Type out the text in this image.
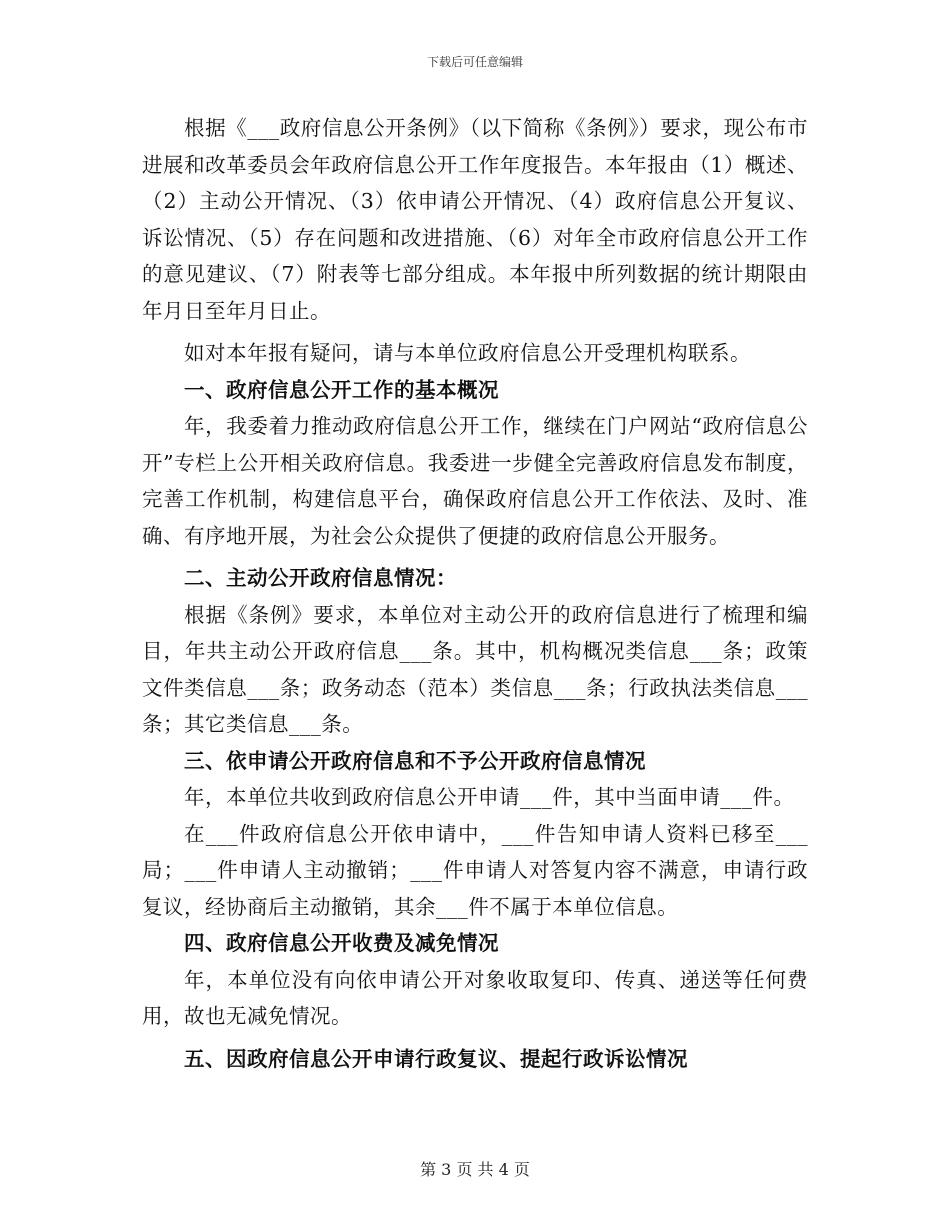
下载后可任意编辑

根据《___政府信息公开条例》（以下简称《条例》）要求，现公布市进展和改革委员会年政府信息公开工作年度报告。本年报由（1）概述、（2）主动公开情况、（3）依申请公开情况、（4）政府信息公开复议、诉讼情况、（5）存在问题和改进措施、（6）对年全市政府信息公开工作的意见建议、（7）附表等七部分组成。本年报中所列数据的统计期限由年月日至年月日止。

如对本年报有疑问，请与本单位政府信息公开受理机构联系。

一、政府信息公开工作的基本概况

年，我委着力推动政府信息公开工作，继续在门户网站“政府信息公开”专栏上公开相关政府信息。我委进一步健全完善政府信息发布制度，完善工作机制，构建信息平台，确保政府信息公开工作依法、及时、准确、有序地开展，为社会公众提供了便捷的政府信息公开服务。

二、主动公开政府信息情况：

根据《条例》要求，本单位对主动公开的政府信息进行了梳理和编目，年共主动公开政府信息___条。其中，机构概况类信息___条；政策文件类信息___条；政务动态（范本）类信息___条；行政执法类信息___条；其它类信息___条。

三、依申请公开政府信息和不予公开政府信息情况

年，本单位共收到政府信息公开申请___件，其中当面申请___件。

在___件政府信息公开依申请中，___件告知申请人资料已移至___局；___件申请人主动撤销；___件申请人对答复内容不满意，申请行政复议，经协商后主动撤销，其余___件不属于本单位信息。

四、政府信息公开收费及减免情况

年，本单位没有向依申请公开对象收取复印、传真、递送等任何费用，故也无减免情况。

五、因政府信息公开申请行政复议、提起行政诉讼情况

第 3 页 共 4 页
